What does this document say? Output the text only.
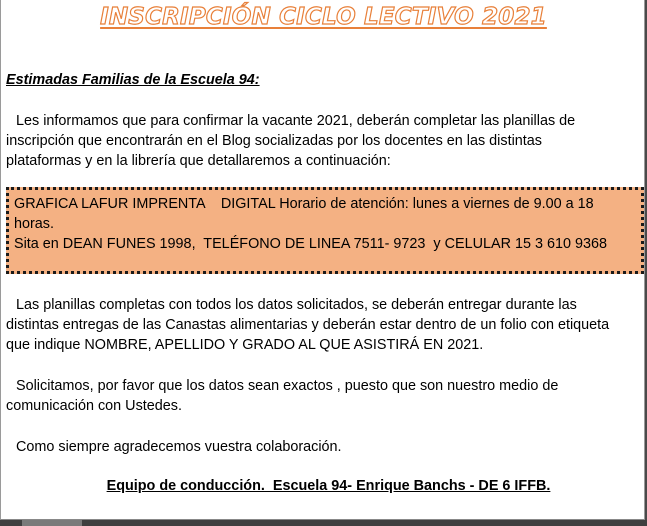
INSCRIPCIÓN CICLO LECTIVO 2021
Estimadas Familias de la Escuela 94:
Les informamos que para confirmar la vacante 2021, deberán completar las planillas de
inscripción que encontrarán en el Blog socializadas por los docentes en las distintas
plataformas y en la librería que detallaremos a continuación:
GRAFICA LAFUR IMPRENTA    DIGITAL Horario de atención: lunes a viernes de 9.00 a 18
horas.
Sita en DEAN FUNES 1998,  TELÉFONO DE LINEA 7511- 9723  y CELULAR 15 3 610 9368
Las planillas completas con todos los datos solicitados, se deberán entregar durante las
distintas entregas de las Canastas alimentarias y deberán estar dentro de un folio con etiqueta
que indique NOMBRE, APELLIDO Y GRADO AL QUE ASISTIRÁ EN 2021.
Solicitamos, por favor que los datos sean exactos , puesto que son nuestro medio de
comunicación con Ustedes.
Como siempre agradecemos vuestra colaboración.
Equipo de conducción.  Escuela 94- Enrique Banchs - DE 6 IFFB.
